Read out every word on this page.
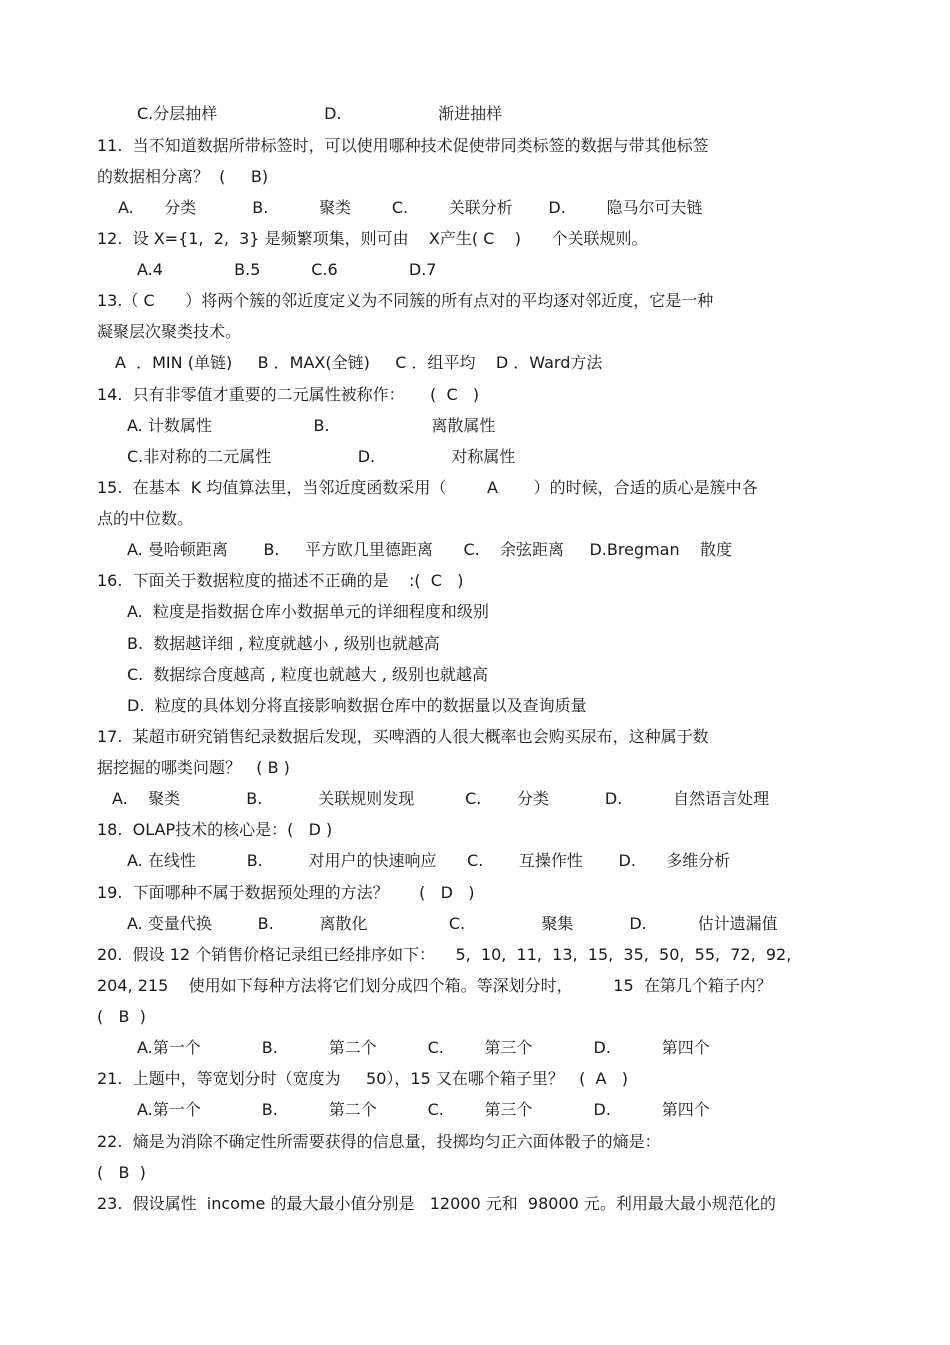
C.分层抽样                     D.                   渐进抽样
11.  当不知道数据所带标签时，可以使用哪种技术促使带同类标签的数据与带其他标签
的数据相分离？  (     B)
A.      分类           B.          聚类        C.        关联分析       D.        隐马尔可夫链
12.  设 X={1,  2,  3} 是频繁项集，则可由    X产生( C    )      个关联规则。
A.4              B.5          C.6              D.7
13.（ C      ）将两个簇的邻近度定义为不同簇的所有点对的平均逐对邻近度，它是一种
凝聚层次聚类技术。
A  ．MIN (单链)     B ．MAX(全链)     C ．组平均    D ．Ward方法
14.  只有非零值才重要的二元属性被称作：     (  C   )
A. 计数属性                    B.                    离散属性
C.非对称的二元属性                 D.               对称属性
15.  在基本  K 均值算法里，当邻近度函数采用（        A       ）的时候，合适的质心是簇中各
点的中位数。
A. 曼哈顿距离       B.     平方欧几里德距离      C.    余弦距离     D.Bregman    散度
16.  下面关于数据粒度的描述不正确的是    :(  C   )
A.  粒度是指数据仓库小数据单元的详细程度和级别
B.  数据越详细 , 粒度就越小 , 级别也就越高
C.  数据综合度越高 , 粒度也就越大 , 级别也就越高
D.  粒度的具体划分将直接影响数据仓库中的数据量以及查询质量
17.  某超市研究销售纪录数据后发现，买啤酒的人很大概率也会购买尿布，这种属于数
据挖掘的哪类问题？   ( B )
A.    聚类             B.           关联规则发现          C.       分类           D.          自然语言处理
18.  OLAP技术的核心是：(   D )
A. 在线性          B.         对用户的快速响应      C.       互操作性       D.      多维分析
19.  下面哪种不属于数据预处理的方法？      (   D   )
A. 变量代换         B.         离散化                C.               聚集           D.          估计遗漏值
20.  假设 12 个销售价格记录组已经排序如下：    5,  10,  11,  13,  15,  35,  50,  55,  72,  92,
204, 215    使用如下每种方法将它们划分成四个箱。等深划分时，        15  在第几个箱子内？
(   B  )
A.第一个            B.          第二个          C.        第三个            D.          第四个
21.  上题中，等宽划分时（宽度为     50），15 又在哪个箱子里？   (  A   )
A.第一个            B.          第二个          C.        第三个            D.          第四个
22.  熵是为消除不确定性所需要获得的信息量，投掷均匀正六面体骰子的熵是：
(   B  )
23.  假设属性  income 的最大最小值分别是   12000 元和  98000 元。利用最大最小规范化的
